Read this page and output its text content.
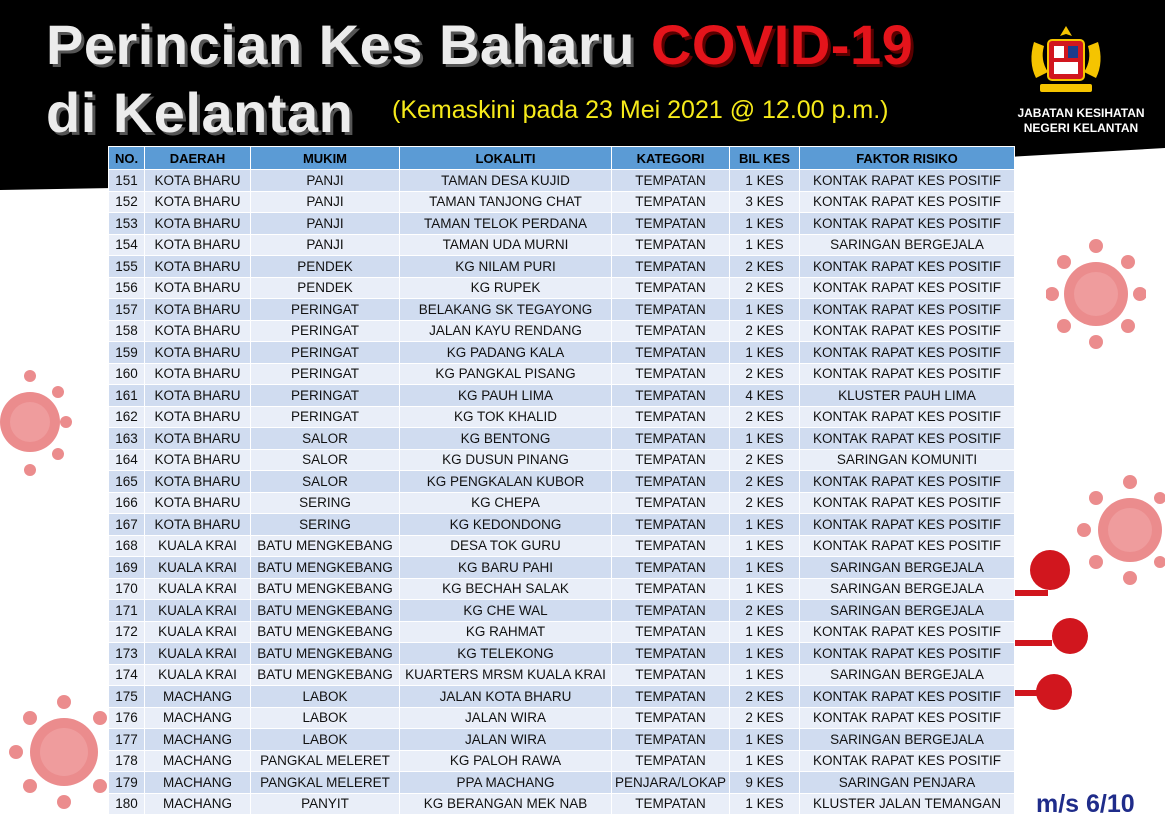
Perincian Kes Baharu COVID-19
di Kelantan (Kemaskini pada 23 Mei 2021 @ 12.00 p.m.)	JABATAN KESIHATAN
NEGERI KELANTAN
NO.	DAERAH	MUKIM	LOKALITI	KATEGORI	BIL KES	FAKTOR RISIKO
151	KOTA BHARU	PANJI	TAMAN DESA KUJID	TEMPATAN	1 KES	KONTAK RAPAT KES POSITIF
152	KOTA BHARU	PANJI	TAMAN TANJONG CHAT	TEMPATAN	3 KES	KONTAK RAPAT KES POSITIF
153	KOTA BHARU	PANJI	TAMAN TELOK PERDANA	TEMPATAN	1 KES	KONTAK RAPAT KES POSITIF
154	KOTA BHARU	PANJI	TAMAN UDA MURNI	TEMPATAN	1 KES	SARINGAN BERGEJALA
155	KOTA BHARU	PENDEK	KG NILAM PURI	TEMPATAN	2 KES	KONTAK RAPAT KES POSITIF
156	KOTA BHARU	PENDEK	KG RUPEK	TEMPATAN	2 KES	KONTAK RAPAT KES POSITIF
157	KOTA BHARU	PERINGAT	BELAKANG SK TEGAYONG	TEMPATAN	1 KES	KONTAK RAPAT KES POSITIF
158	KOTA BHARU	PERINGAT	JALAN KAYU RENDANG	TEMPATAN	2 KES	KONTAK RAPAT KES POSITIF
159	KOTA BHARU	PERINGAT	KG PADANG KALA	TEMPATAN	1 KES	KONTAK RAPAT KES POSITIF
160	KOTA BHARU	PERINGAT	KG PANGKAL PISANG	TEMPATAN	2 KES	KONTAK RAPAT KES POSITIF
161	KOTA BHARU	PERINGAT	KG PAUH LIMA	TEMPATAN	4 KES	KLUSTER PAUH LIMA
162	KOTA BHARU	PERINGAT	KG TOK KHALID	TEMPATAN	2 KES	KONTAK RAPAT KES POSITIF
163	KOTA BHARU	SALOR	KG BENTONG	TEMPATAN	1 KES	KONTAK RAPAT KES POSITIF
164	KOTA BHARU	SALOR	KG DUSUN PINANG	TEMPATAN	2 KES	SARINGAN KOMUNITI
165	KOTA BHARU	SALOR	KG PENGKALAN KUBOR	TEMPATAN	2 KES	KONTAK RAPAT KES POSITIF
166	KOTA BHARU	SERING	KG CHEPA	TEMPATAN	2 KES	KONTAK RAPAT KES POSITIF
167	KOTA BHARU	SERING	KG KEDONDONG	TEMPATAN	1 KES	KONTAK RAPAT KES POSITIF
168	KUALA KRAI	BATU MENGKEBANG	DESA TOK GURU	TEMPATAN	1 KES	KONTAK RAPAT KES POSITIF
169	KUALA KRAI	BATU MENGKEBANG	KG BARU PAHI	TEMPATAN	1 KES	SARINGAN BERGEJALA
170	KUALA KRAI	BATU MENGKEBANG	KG BECHAH SALAK	TEMPATAN	1 KES	SARINGAN BERGEJALA
171	KUALA KRAI	BATU MENGKEBANG	KG CHE WAL	TEMPATAN	2 KES	SARINGAN BERGEJALA
172	KUALA KRAI	BATU MENGKEBANG	KG RAHMAT	TEMPATAN	1 KES	KONTAK RAPAT KES POSITIF
173	KUALA KRAI	BATU MENGKEBANG	KG TELEKONG	TEMPATAN	1 KES	KONTAK RAPAT KES POSITIF
174	KUALA KRAI	BATU MENGKEBANG	KUARTERS MRSM KUALA KRAI	TEMPATAN	1 KES	SARINGAN BERGEJALA
175	MACHANG	LABOK	JALAN KOTA BHARU	TEMPATAN	2 KES	KONTAK RAPAT KES POSITIF
176	MACHANG	LABOK	JALAN WIRA	TEMPATAN	2 KES	KONTAK RAPAT KES POSITIF
177	MACHANG	LABOK	JALAN WIRA	TEMPATAN	1 KES	SARINGAN BERGEJALA
178	MACHANG	PANGKAL MELERET	KG PALOH RAWA	TEMPATAN	1 KES	KONTAK RAPAT KES POSITIF
179	MACHANG	PANGKAL MELERET	PPA MACHANG	PENJARA/LOKAP	9 KES	SARINGAN PENJARA
180	MACHANG	PANYIT	KG BERANGAN MEK NAB	TEMPATAN	1 KES	KLUSTER JALAN TEMANGAN m/s 6/10
